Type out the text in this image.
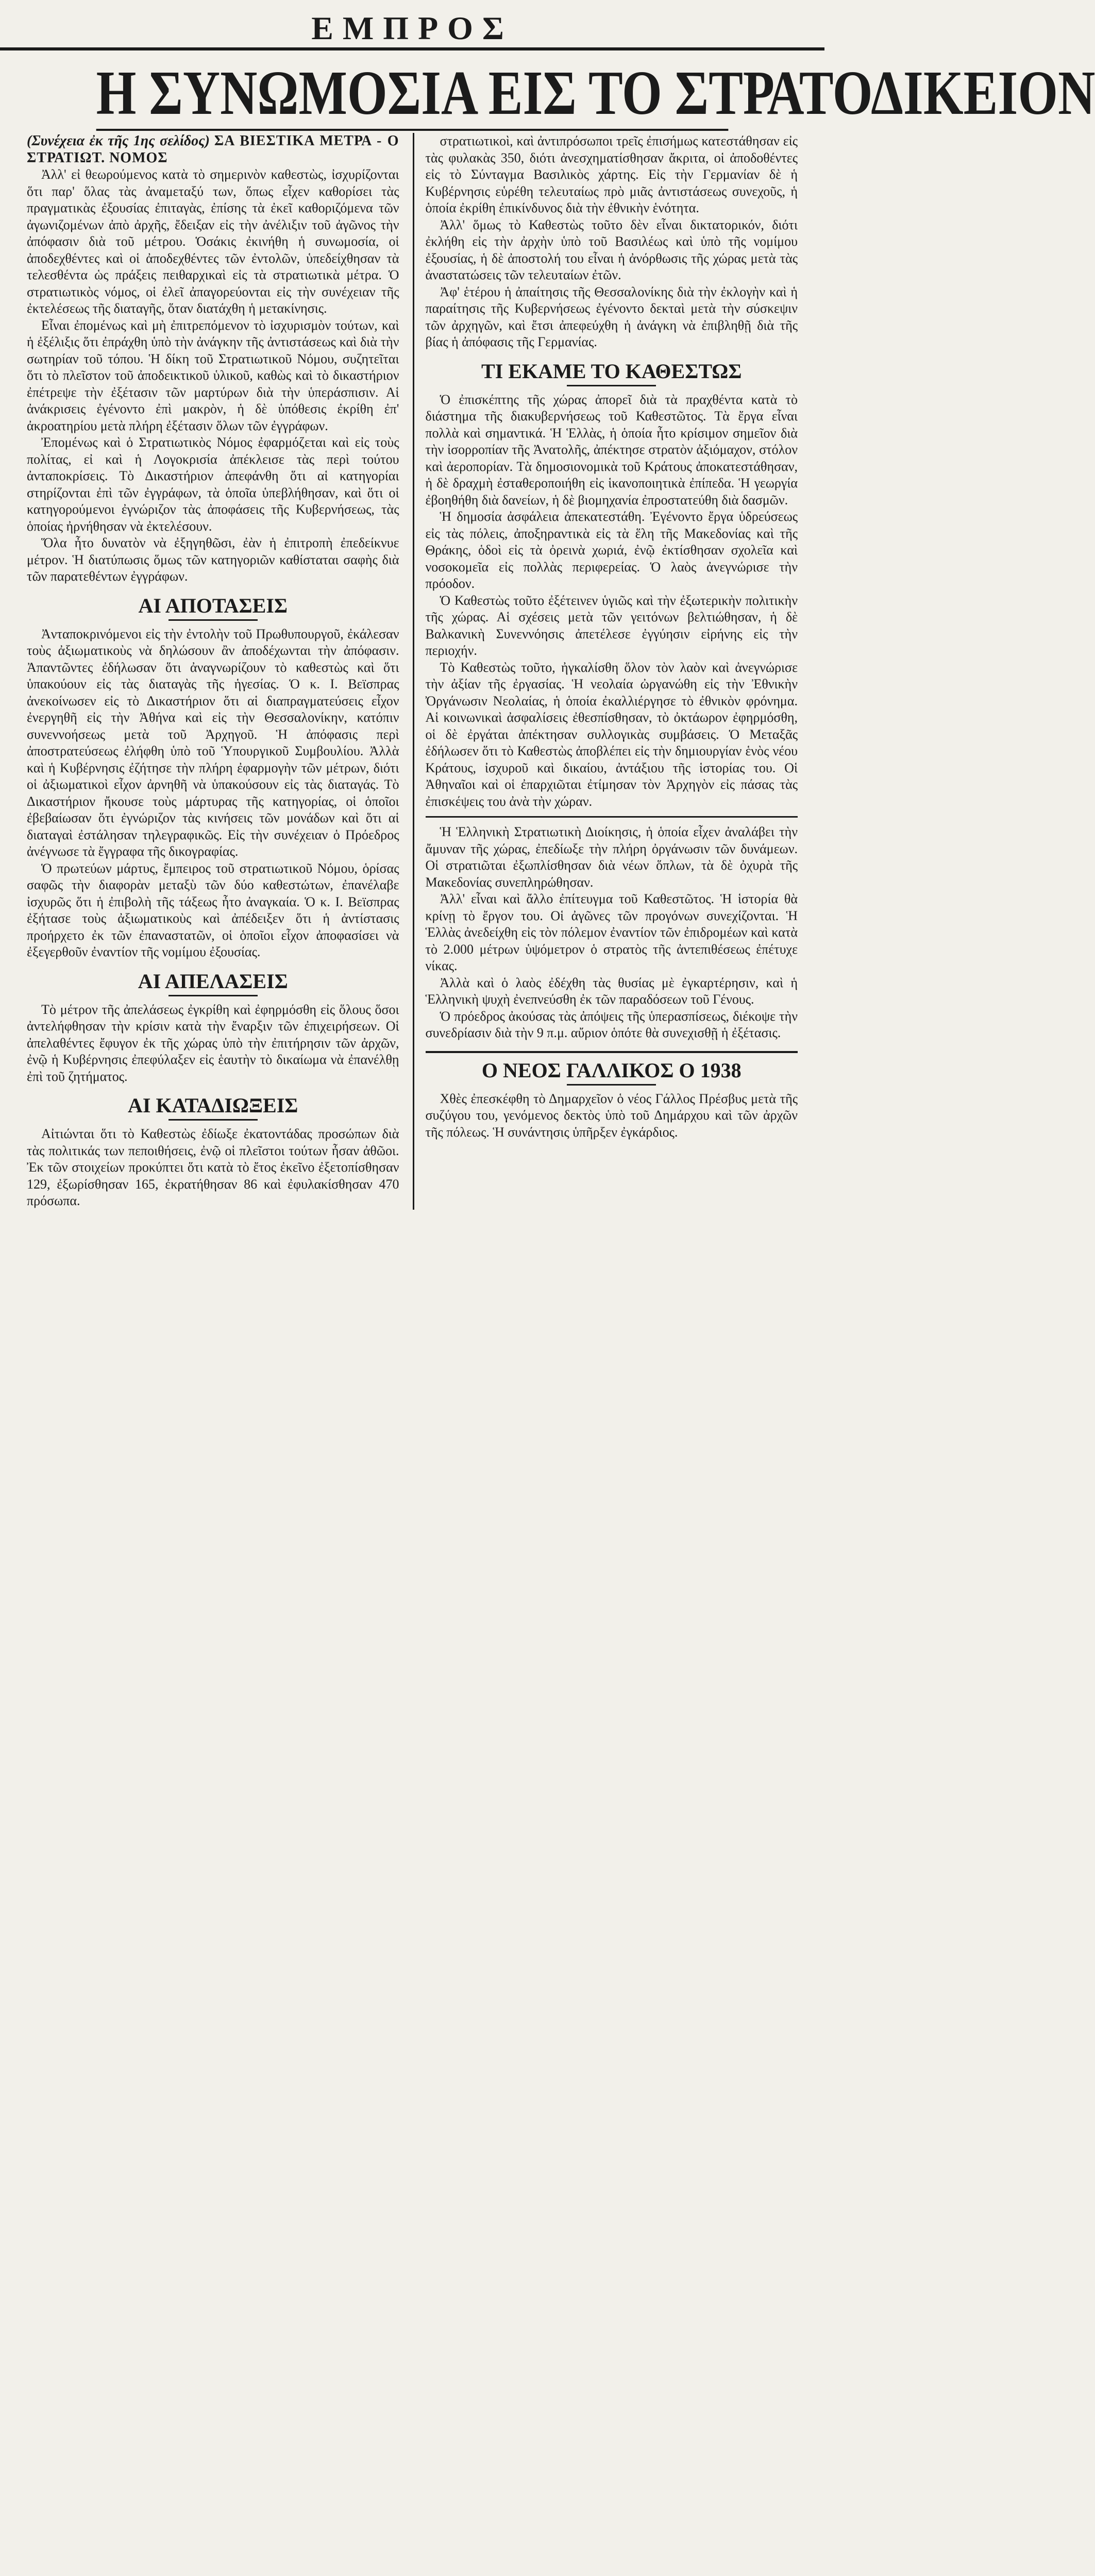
ΕΜΠΡΟΣ
Η ΣΥΝΩΜΟΣΙΑ ΕΙΣ ΤΟ ΣΤΡΑΤΟΔΙΚΕΙΟΝ

(Συνέχεια ἐκ τῆς 1ης σελίδος) ΣΑ ΒΙΕΣΤΙΚΑ ΜΕΤΡΑ - Ο ΣΤΡΑΤΙΩΤ. ΝΟΜΟΣ

Ἀλλ' εἰ θεωρούμενος κατὰ τὸ σημερινὸν καθεστὼς, ἰσχυρίζονται ὅτι παρ' ὅλας τὰς ἀναμεταξύ των, ὅπως εἶχεν καθορίσει τὰς πραγματικὰς ἐξουσίας ἐπιταγὰς, ἐπίσης τὰ ἐκεῖ καθοριζόμενα τῶν ἀγωνιζομένων ἀπὸ ἀρχῆς, ἔδειξαν εἰς τὴν ἀνέλιξιν τοῦ ἀγῶνος τὴν ἀπόφασιν διὰ τοῦ μέτρου. Ὁσάκις ἐκινήθη ἡ συνωμοσία, οἱ ἀποδεχθέντες καὶ οἱ ἀποδεχθέντες τῶν ἐντολῶν, ὑπεδείχθησαν τὰ τελεσθέντα ὡς πράξεις πειθαρχικαὶ εἰς τὰ στρατιωτικὰ μέτρα. Ὁ στρατιωτικὸς νόμος, οἱ ἐλεῖ ἀπαγορεύονται εἰς τὴν συνέχειαν τῆς ἐκτελέσεως τῆς διαταγῆς, ὅταν διατάχθη ἡ μετακίνησις.

Εἶναι ἐπομένως καὶ μὴ ἐπιτρεπόμενον τὸ ἰσχυρισμὸν τούτων, καὶ ἡ ἐξέλιξις ὅτι ἐπράχθη ὑπὸ τὴν ἀνάγκην τῆς ἀντιστάσεως καὶ διὰ τὴν σωτηρίαν τοῦ τόπου. Ἡ δίκη τοῦ Στρατιωτικοῦ Νόμου, συζητεῖται ὅτι τὸ πλεῖστον τοῦ ἀποδεικτικοῦ ὑλικοῦ, καθὼς καὶ τὸ δικαστήριον ἐπέτρεψε τὴν ἐξέτασιν τῶν μαρτύρων διὰ τὴν ὑπεράσπισιν. Αἱ ἀνάκρισεις ἐγένοντο ἐπὶ μακρὸν, ἡ δὲ ὑπόθεσις ἐκρίθη ἐπ' ἀκροατηρίου μετὰ πλήρη ἐξέτασιν ὅλων τῶν ἐγγράφων.

Ἐπομένως καὶ ὁ Στρατιωτικὸς Νόμος ἐφαρμόζεται καὶ εἰς τοὺς πολίτας, εἰ καὶ ἡ Λογοκρισία ἀπέκλεισε τὰς περὶ τούτου ἀνταποκρίσεις. Τὸ Δικαστήριον ἀπεφάνθη ὅτι αἱ κατηγορίαι στηρίζονται ἐπὶ τῶν ἐγγράφων, τὰ ὁποῖα ὑπεβλήθησαν, καὶ ὅτι οἱ κατηγορούμενοι ἐγνώριζον τὰς ἀποφάσεις τῆς Κυβερνήσεως, τὰς ὁποίας ἠρνήθησαν νὰ ἐκτελέσουν.

Ὅλα ἦτο δυνατὸν νὰ ἐξηγηθῶσι, ἐὰν ἡ ἐπιτροπὴ ἐπεδείκνυε μέτρον. Ἡ διατύπωσις ὅμως τῶν κατηγοριῶν καθίσταται σαφὴς διὰ τῶν παρατεθέντων ἐγγράφων.

ΑΙ ΑΠΟΤΑΣΕΙΣ

Ἀνταποκρινόμενοι εἰς τὴν ἐντολὴν τοῦ Πρωθυπουργοῦ, ἐκάλεσαν τοὺς ἀξιωματικοὺς νὰ δηλώσουν ἂν ἀποδέχωνται τὴν ἀπόφασιν. Ἀπαντῶντες ἐδήλωσαν ὅτι ἀναγνωρίζουν τὸ καθεστὼς καὶ ὅτι ὑπακούουν εἰς τὰς διαταγὰς τῆς ἡγεσίας. Ὁ κ. Ι. Βεϊσπρας ἀνεκοίνωσεν εἰς τὸ Δικαστήριον ὅτι αἱ διαπραγματεύσεις εἶχον ἐνεργηθῆ εἰς τὴν Ἀθήνα καὶ εἰς τὴν Θεσσαλονίκην, κατόπιν συνεννοήσεως μετὰ τοῦ Ἀρχηγοῦ. Ἡ ἀπόφασις περὶ ἀποστρατεύσεως ἐλήφθη ὑπὸ τοῦ Ὑπουργικοῦ Συμβουλίου. Ἀλλὰ καὶ ἡ Κυβέρνησις ἐζήτησε τὴν πλήρη ἐφαρμογὴν τῶν μέτρων, διότι οἱ ἀξιωματικοὶ εἶχον ἀρνηθῆ νὰ ὑπακούσουν εἰς τὰς διαταγάς. Τὸ Δικαστήριον ἤκουσε τοὺς μάρτυρας τῆς κατηγορίας, οἱ ὁποῖοι ἐβεβαίωσαν ὅτι ἐγνώριζον τὰς κινήσεις τῶν μονάδων καὶ ὅτι αἱ διαταγαὶ ἐστάλησαν τηλεγραφικῶς. Εἰς τὴν συνέχειαν ὁ Πρόεδρος ἀνέγνωσε τὰ ἔγγραφα τῆς δικογραφίας.

Ὁ πρωτεύων μάρτυς, ἔμπειρος τοῦ στρατιωτικοῦ Νόμου, ὁρίσας σαφῶς τὴν διαφορὰν μεταξὺ τῶν δύο καθεστώτων, ἐπανέλαβε ἰσχυρῶς ὅτι ἡ ἐπιβολὴ τῆς τάξεως ἦτο ἀναγκαία. Ὁ κ. Ι. Βεϊσπρας ἐξήτασε τοὺς ἀξιωματικοὺς καὶ ἀπέδειξεν ὅτι ἡ ἀντίστασις προήρχετο ἐκ τῶν ἐπαναστατῶν, οἱ ὁποῖοι εἶχον ἀποφασίσει νὰ ἐξεγερθοῦν ἐναντίον τῆς νομίμου ἐξουσίας.

ΑΙ ΑΠΕΛΑΣΕΙΣ

Τὸ μέτρον τῆς ἀπελάσεως ἐγκρίθη καὶ ἐφηρμόσθη εἰς ὅλους ὅσοι ἀντελήφθησαν τὴν κρίσιν κατὰ τὴν ἔναρξιν τῶν ἐπιχειρήσεων. Οἱ ἀπελαθέντες ἔφυγον ἐκ τῆς χώρας ὑπὸ τὴν ἐπιτήρησιν τῶν ἀρχῶν, ἐνῷ ἡ Κυβέρνησις ἐπεφύλαξεν εἰς ἑαυτὴν τὸ δικαίωμα νὰ ἐπανέλθῃ ἐπὶ τοῦ ζητήματος.

ΑΙ ΚΑΤΑΔΙΩΞΕΙΣ

Αἰτιώνται ὅτι τὸ Καθεστὼς ἐδίωξε ἐκατοντάδας προσώπων διὰ τὰς πολιτικάς των πεποιθήσεις, ἐνῷ οἱ πλεῖστοι τούτων ἦσαν ἀθῶοι. Ἐκ τῶν στοιχείων προκύπτει ὅτι κατὰ τὸ ἔτος ἐκεῖνο ἐξετοπίσθησαν 129, ἐξωρίσθησαν 165, ἐκρατήθησαν 86 καὶ ἐφυλακίσθησαν 470 πρόσωπα.

στρατιωτικοὶ, καὶ ἀντιπρόσωποι τρεῖς ἐπισήμως κατεστάθησαν εἰς τὰς φυλακὰς 350, διότι ἀνεσχηματίσθησαν ἄκριτα, οἱ ἀποδοθέντες εἰς τὸ Σύνταγμα Βασιλικὸς χάρτης. Εἰς τὴν Γερμανίαν δὲ ἡ Κυβέρνησις εὑρέθη τελευταίως πρὸ μιᾶς ἀντιστάσεως συνεχοῦς, ἡ ὁποία ἐκρίθη ἐπικίνδυνος διὰ τὴν ἐθνικὴν ἑνότητα.

Ἀλλ' ὅμως τὸ Καθεστὼς τοῦτο δὲν εἶναι δικτατορικόν, διότι ἐκλήθη εἰς τὴν ἀρχὴν ὑπὸ τοῦ Βασιλέως καὶ ὑπὸ τῆς νομίμου ἐξουσίας, ἡ δὲ ἀποστολή του εἶναι ἡ ἀνόρθωσις τῆς χώρας μετὰ τὰς ἀναστατώσεις τῶν τελευταίων ἐτῶν.

Ἀφ' ἑτέρου ἡ ἀπαίτησις τῆς Θεσσαλονίκης διὰ τὴν ἐκλογὴν καὶ ἡ παραίτησις τῆς Κυβερνήσεως ἐγένοντο δεκταὶ μετὰ τὴν σύσκεψιν τῶν ἀρχηγῶν, καὶ ἔτσι ἀπεφεύχθη ἡ ἀνάγκη νὰ ἐπιβληθῇ διὰ τῆς βίας ἡ ἀπόφασις τῆς Γερμανίας.

ΤΙ ΕΚΑΜΕ ΤΟ ΚΑΘΕΣΤΩΣ

Ὁ ἐπισκέπτης τῆς χώρας ἀπορεῖ διὰ τὰ πραχθέντα κατὰ τὸ διάστημα τῆς διακυβερνήσεως τοῦ Καθεστῶτος. Τὰ ἔργα εἶναι πολλὰ καὶ σημαντικά. Ἡ Ἑλλὰς, ἡ ὁποία ἦτο κρίσιμον σημεῖον διὰ τὴν ἰσορροπίαν τῆς Ἀνατολῆς, ἀπέκτησε στρατὸν ἀξιόμαχον, στόλον καὶ ἀεροπορίαν. Τὰ δημοσιονομικὰ τοῦ Κράτους ἀποκατεστάθησαν, ἡ δὲ δραχμὴ ἐσταθεροποιήθη εἰς ἱκανοποιητικὰ ἐπίπεδα. Ἡ γεωργία ἐβοηθήθη διὰ δανείων, ἡ δὲ βιομηχανία ἐπροστατεύθη διὰ δασμῶν.

Ἡ δημοσία ἀσφάλεια ἀπεκατεστάθη. Ἐγένοντο ἔργα ὑδρεύσεως εἰς τὰς πόλεις, ἀποξηραντικὰ εἰς τὰ ἕλη τῆς Μακεδονίας καὶ τῆς Θράκης, ὁδοὶ εἰς τὰ ὀρεινὰ χωριά, ἐνῷ ἐκτίσθησαν σχολεῖα καὶ νοσοκομεῖα εἰς πολλὰς περιφερείας. Ὁ λαὸς ἀνεγνώρισε τὴν πρόοδον.

Ὁ Καθεστὼς τοῦτο ἐξέτεινεν ὑγιῶς καὶ τὴν ἐξωτερικὴν πολιτικὴν τῆς χώρας. Αἱ σχέσεις μετὰ τῶν γειτόνων βελτιώθησαν, ἡ δὲ Βαλκανικὴ Συνεννόησις ἀπετέλεσε ἐγγύησιν εἰρήνης εἰς τὴν περιοχήν.

Τὸ Καθεστὼς τοῦτο, ἠγκαλίσθη ὅλον τὸν λαὸν καὶ ἀνεγνώρισε τὴν ἀξίαν τῆς ἐργασίας. Ἡ νεολαία ὠργανώθη εἰς τὴν Ἐθνικὴν Ὀργάνωσιν Νεολαίας, ἡ ὁποία ἐκαλλιέργησε τὸ ἐθνικὸν φρόνημα. Αἱ κοινωνικαὶ ἀσφαλίσεις ἐθεσπίσθησαν, τὸ ὀκτάωρον ἐφηρμόσθη, οἱ δὲ ἐργάται ἀπέκτησαν συλλογικὰς συμβάσεις. Ὁ Μεταξᾶς ἐδήλωσεν ὅτι τὸ Καθεστὼς ἀποβλέπει εἰς τὴν δημιουργίαν ἑνὸς νέου Κράτους, ἰσχυροῦ καὶ δικαίου, ἀντάξιου τῆς ἱστορίας του. Οἱ Ἀθηναῖοι καὶ οἱ ἐπαρχιῶται ἐτίμησαν τὸν Ἀρχηγὸν εἰς πάσας τὰς ἐπισκέψεις του ἀνὰ τὴν χώραν.

Ἡ Ἑλληνικὴ Στρατιωτικὴ Διοίκησις, ἡ ὁποία εἶχεν ἀναλάβει τὴν ἄμυναν τῆς χώρας, ἐπεδίωξε τὴν πλήρη ὀργάνωσιν τῶν δυνάμεων. Οἱ στρατιῶται ἐξωπλίσθησαν διὰ νέων ὅπλων, τὰ δὲ ὀχυρὰ τῆς Μακεδονίας συνεπληρώθησαν.

Ἀλλ' εἶναι καὶ ἄλλο ἐπίτευγμα τοῦ Καθεστῶτος. Ἡ ἱστορία θὰ κρίνῃ τὸ ἔργον του. Οἱ ἀγῶνες τῶν προγόνων συνεχίζονται. Ἡ Ἑλλὰς ἀνεδείχθη εἰς τὸν πόλεμον ἐναντίον τῶν ἐπιδρομέων καὶ κατὰ τὸ 2.000 μέτρων ὑψόμετρον ὁ στρατὸς τῆς ἀντεπιθέσεως ἐπέτυχε νίκας.

Ἀλλὰ καὶ ὁ λαὸς ἐδέχθη τὰς θυσίας μὲ ἐγκαρτέρησιν, καὶ ἡ Ἑλληνικὴ ψυχὴ ἐνεπνεύσθη ἐκ τῶν παραδόσεων τοῦ Γένους.

Ὁ πρόεδρος ἀκούσας τὰς ἀπόψεις τῆς ὑπερασπίσεως, διέκοψε τὴν συνεδρίασιν διὰ τὴν 9 π.μ. αὔριον ὁπότε θὰ συνεχισθῇ ἡ ἐξέτασις.

Ο ΝΕΟΣ ΓΑΛΛΙΚΟΣ Ο 1938

Χθὲς ἐπεσκέφθη τὸ Δημαρχεῖον ὁ νέος Γάλλος Πρέσβυς μετὰ τῆς συζύγου του, γενόμενος δεκτὸς ὑπὸ τοῦ Δημάρχου καὶ τῶν ἀρχῶν τῆς πόλεως. Ἡ συνάντησις ὑπῆρξεν ἐγκάρδιος.
